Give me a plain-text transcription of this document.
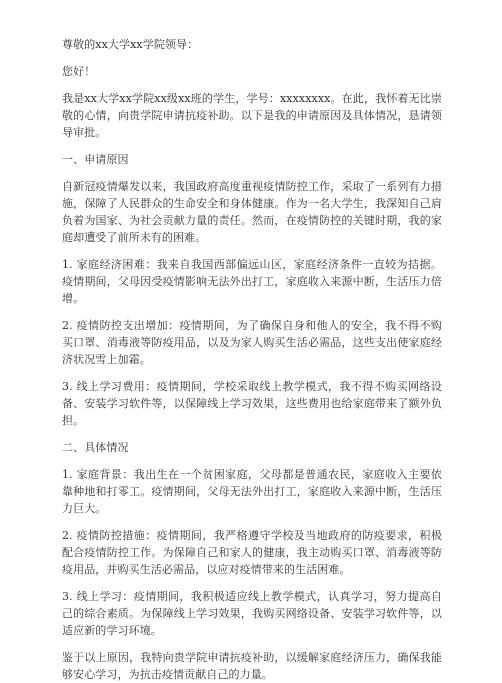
尊敬的xx大学xx学院领导：

您好！

我是xx大学xx学院xx级xx班的学生，学号：xxxxxxxx。在此，我怀着无比崇敬的心情，向贵学院申请抗疫补助。以下是我的申请原因及具体情况，恳请领导审批。

一、申请原因

自新冠疫情爆发以来，我国政府高度重视疫情防控工作，采取了一系列有力措施，保障了人民群众的生命安全和身体健康。作为一名大学生，我深知自己肩负着为国家、为社会贡献力量的责任。然而，在疫情防控的关键时期，我的家庭却遭受了前所未有的困难。

1. 家庭经济困难：我来自我国西部偏远山区，家庭经济条件一直较为拮据。疫情期间，父母因受疫情影响无法外出打工，家庭收入来源中断，生活压力倍增。

2. 疫情防控支出增加：疫情期间，为了确保自身和他人的安全，我不得不购买口罩、消毒液等防疫用品，以及为家人购买生活必需品，这些支出使家庭经济状况雪上加霜。

3. 线上学习费用：疫情期间，学校采取线上教学模式，我不得不购买网络设备、安装学习软件等，以保障线上学习效果，这些费用也给家庭带来了额外负担。

二、具体情况

1. 家庭背景：我出生在一个贫困家庭，父母都是普通农民，家庭收入主要依靠种地和打零工。疫情期间，父母无法外出打工，家庭收入来源中断，生活压力巨大。

2. 疫情防控措施：疫情期间，我严格遵守学校及当地政府的防疫要求，积极配合疫情防控工作。为保障自己和家人的健康，我主动购买口罩、消毒液等防疫用品，并购买生活必需品，以应对疫情带来的生活困难。

3. 线上学习：疫情期间，我积极适应线上教学模式，认真学习，努力提高自己的综合素质。为保障线上学习效果，我购买网络设备、安装学习软件等，以适应新的学习环境。

鉴于以上原因，我特向贵学院申请抗疫补助，以缓解家庭经济压力，确保我能够安心学习，为抗击疫情贡献自己的力量。
